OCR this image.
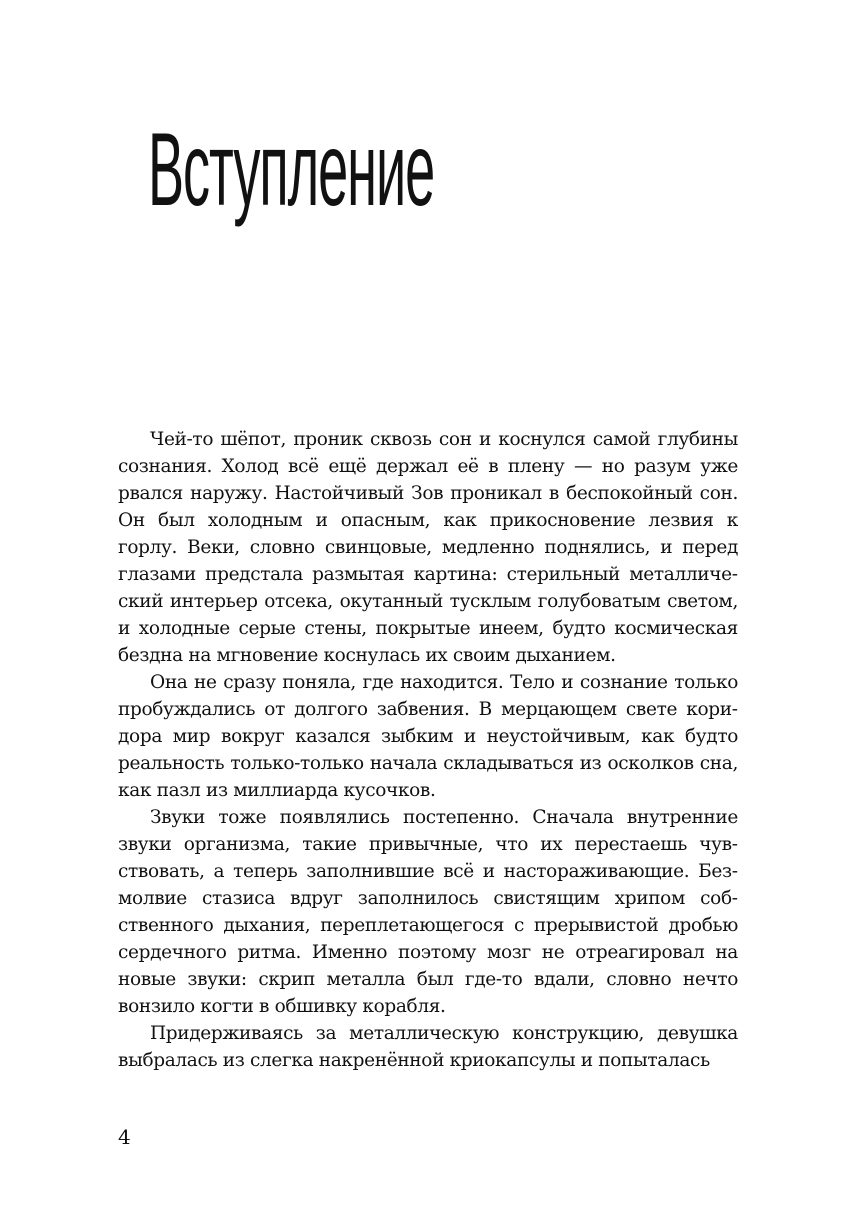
Вступление

Чей-то шёпот, проник сквозь сон и коснулся самой глубины сознания. Холод всё ещё держал её в плену — но разум уже рвался наружу. Настойчивый Зов проникал в беспокойный сон. Он был холодным и опасным, как прикосновение лезвия к горлу. Веки, словно свинцовые, медленно поднялись, и перед глазами предстала размытая картина: стерильный металлический интерьер отсека, окутанный тусклым голубоватым светом, и холодные серые стены, покрытые инеем, будто космическая бездна на мгновение коснулась их своим дыханием.

Она не сразу поняла, где находится. Тело и сознание только пробуждались от долгого забвения. В мерцающем свете коридора мир вокруг казался зыбким и неустойчивым, как будто реальность только-только начала складываться из осколков сна, как пазл из миллиарда кусочков.

Звуки тоже появлялись постепенно. Сначала внутренние звуки организма, такие привычные, что их перестаешь чувствовать, а теперь заполнившие всё и настораживающие. Безмолвие стазиса вдруг заполнилось свистящим хрипом собственного дыхания, переплетающегося с прерывистой дробью сердечного ритма. Именно поэтому мозг не отреагировал на новые звуки: скрип металла был где-то вдали, словно нечто вонзило когти в обшивку корабля.

Придерживаясь за металлическую конструкцию, девушка выбралась из слегка накренённой криокапсулы и попыталась

4
